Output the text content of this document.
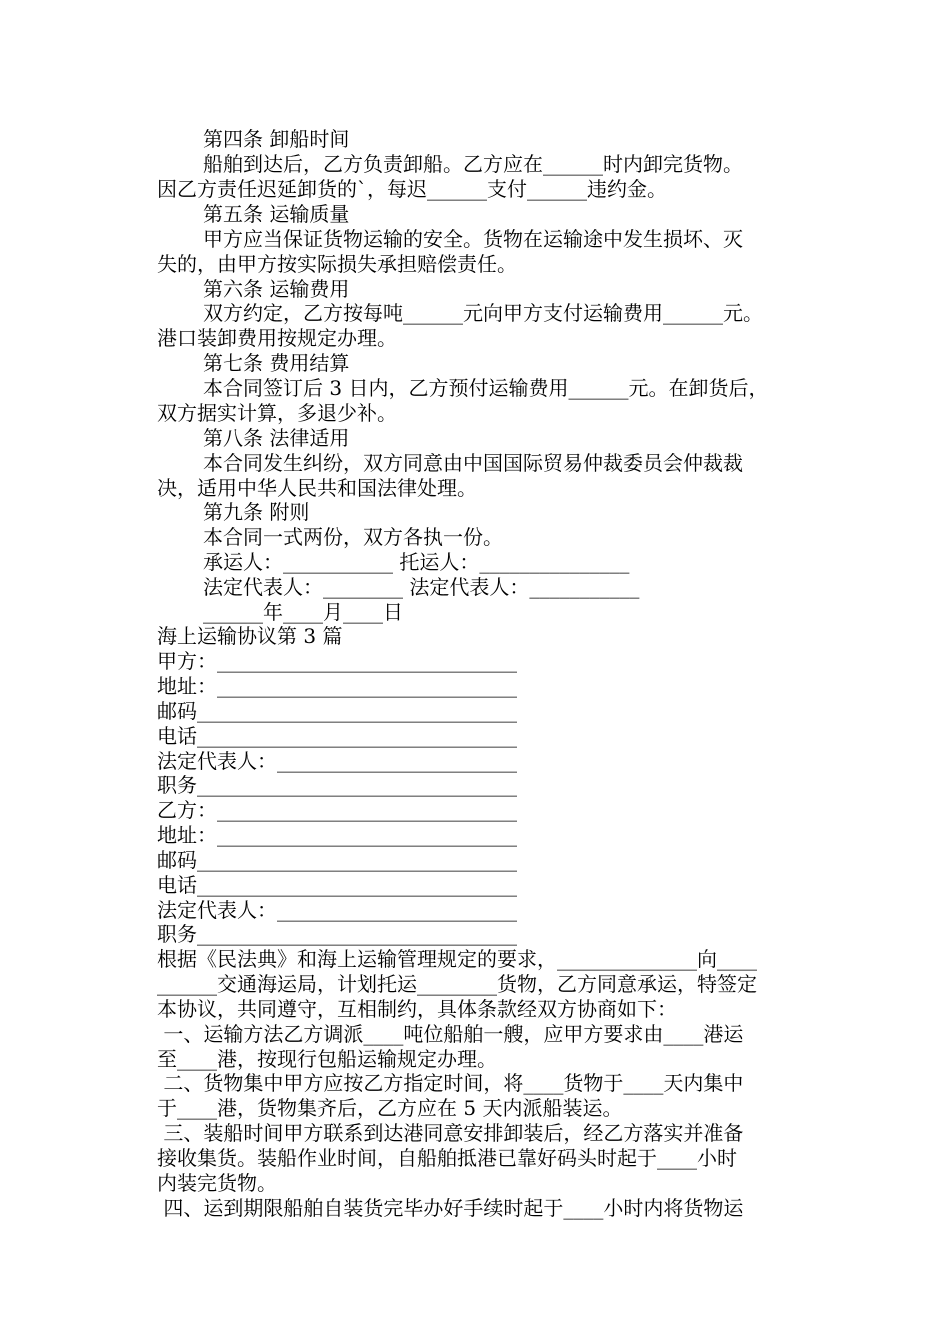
第四条 卸船时间
船舶到达后，乙方负责卸船。乙方应在______时内卸完货物。
因乙方责任迟延卸货的`，每迟______支付______违约金。
第五条 运输质量
甲方应当保证货物运输的安全。货物在运输途中发生损坏、灭
失的，由甲方按实际损失承担赔偿责任。
第六条 运输费用
双方约定，乙方按每吨______元向甲方支付运输费用______元。
港口装卸费用按规定办理。
第七条 费用结算
本合同签订后 3 日内，乙方预付运输费用______元。在卸货后，
双方据实计算，多退少补。
第八条 法律适用
本合同发生纠纷，双方同意由中国国际贸易仲裁委员会仲裁裁
决，适用中华人民共和国法律处理。
第九条 附则
本合同一式两份，双方各执一份。
承运人：___________ 托运人：_______________
法定代表人：________ 法定代表人：___________
______年____月____日
海上运输协议第 3 篇
甲方：______________________________
地址：______________________________
邮码________________________________
电话________________________________
法定代表人：________________________
职务________________________________
乙方：______________________________
地址：______________________________
邮码________________________________
电话________________________________
法定代表人：________________________
职务________________________________
根据《民法典》和海上运输管理规定的要求，______________向____
______交通海运局，计划托运________货物，乙方同意承运，特签定
本协议，共同遵守，互相制约，具体条款经双方协商如下：
一、运输方法乙方调派____吨位船舶一艘，应甲方要求由____港运
至____港，按现行包船运输规定办理。
二、货物集中甲方应按乙方指定时间，将____货物于____天内集中
于____港，货物集齐后，乙方应在 5 天内派船装运。
三、装船时间甲方联系到达港同意安排卸装后，经乙方落实并准备
接收集货。装船作业时间，自船舶抵港已靠好码头时起于____小时
内装完货物。
四、运到期限船舶自装货完毕办好手续时起于____小时内将货物运
